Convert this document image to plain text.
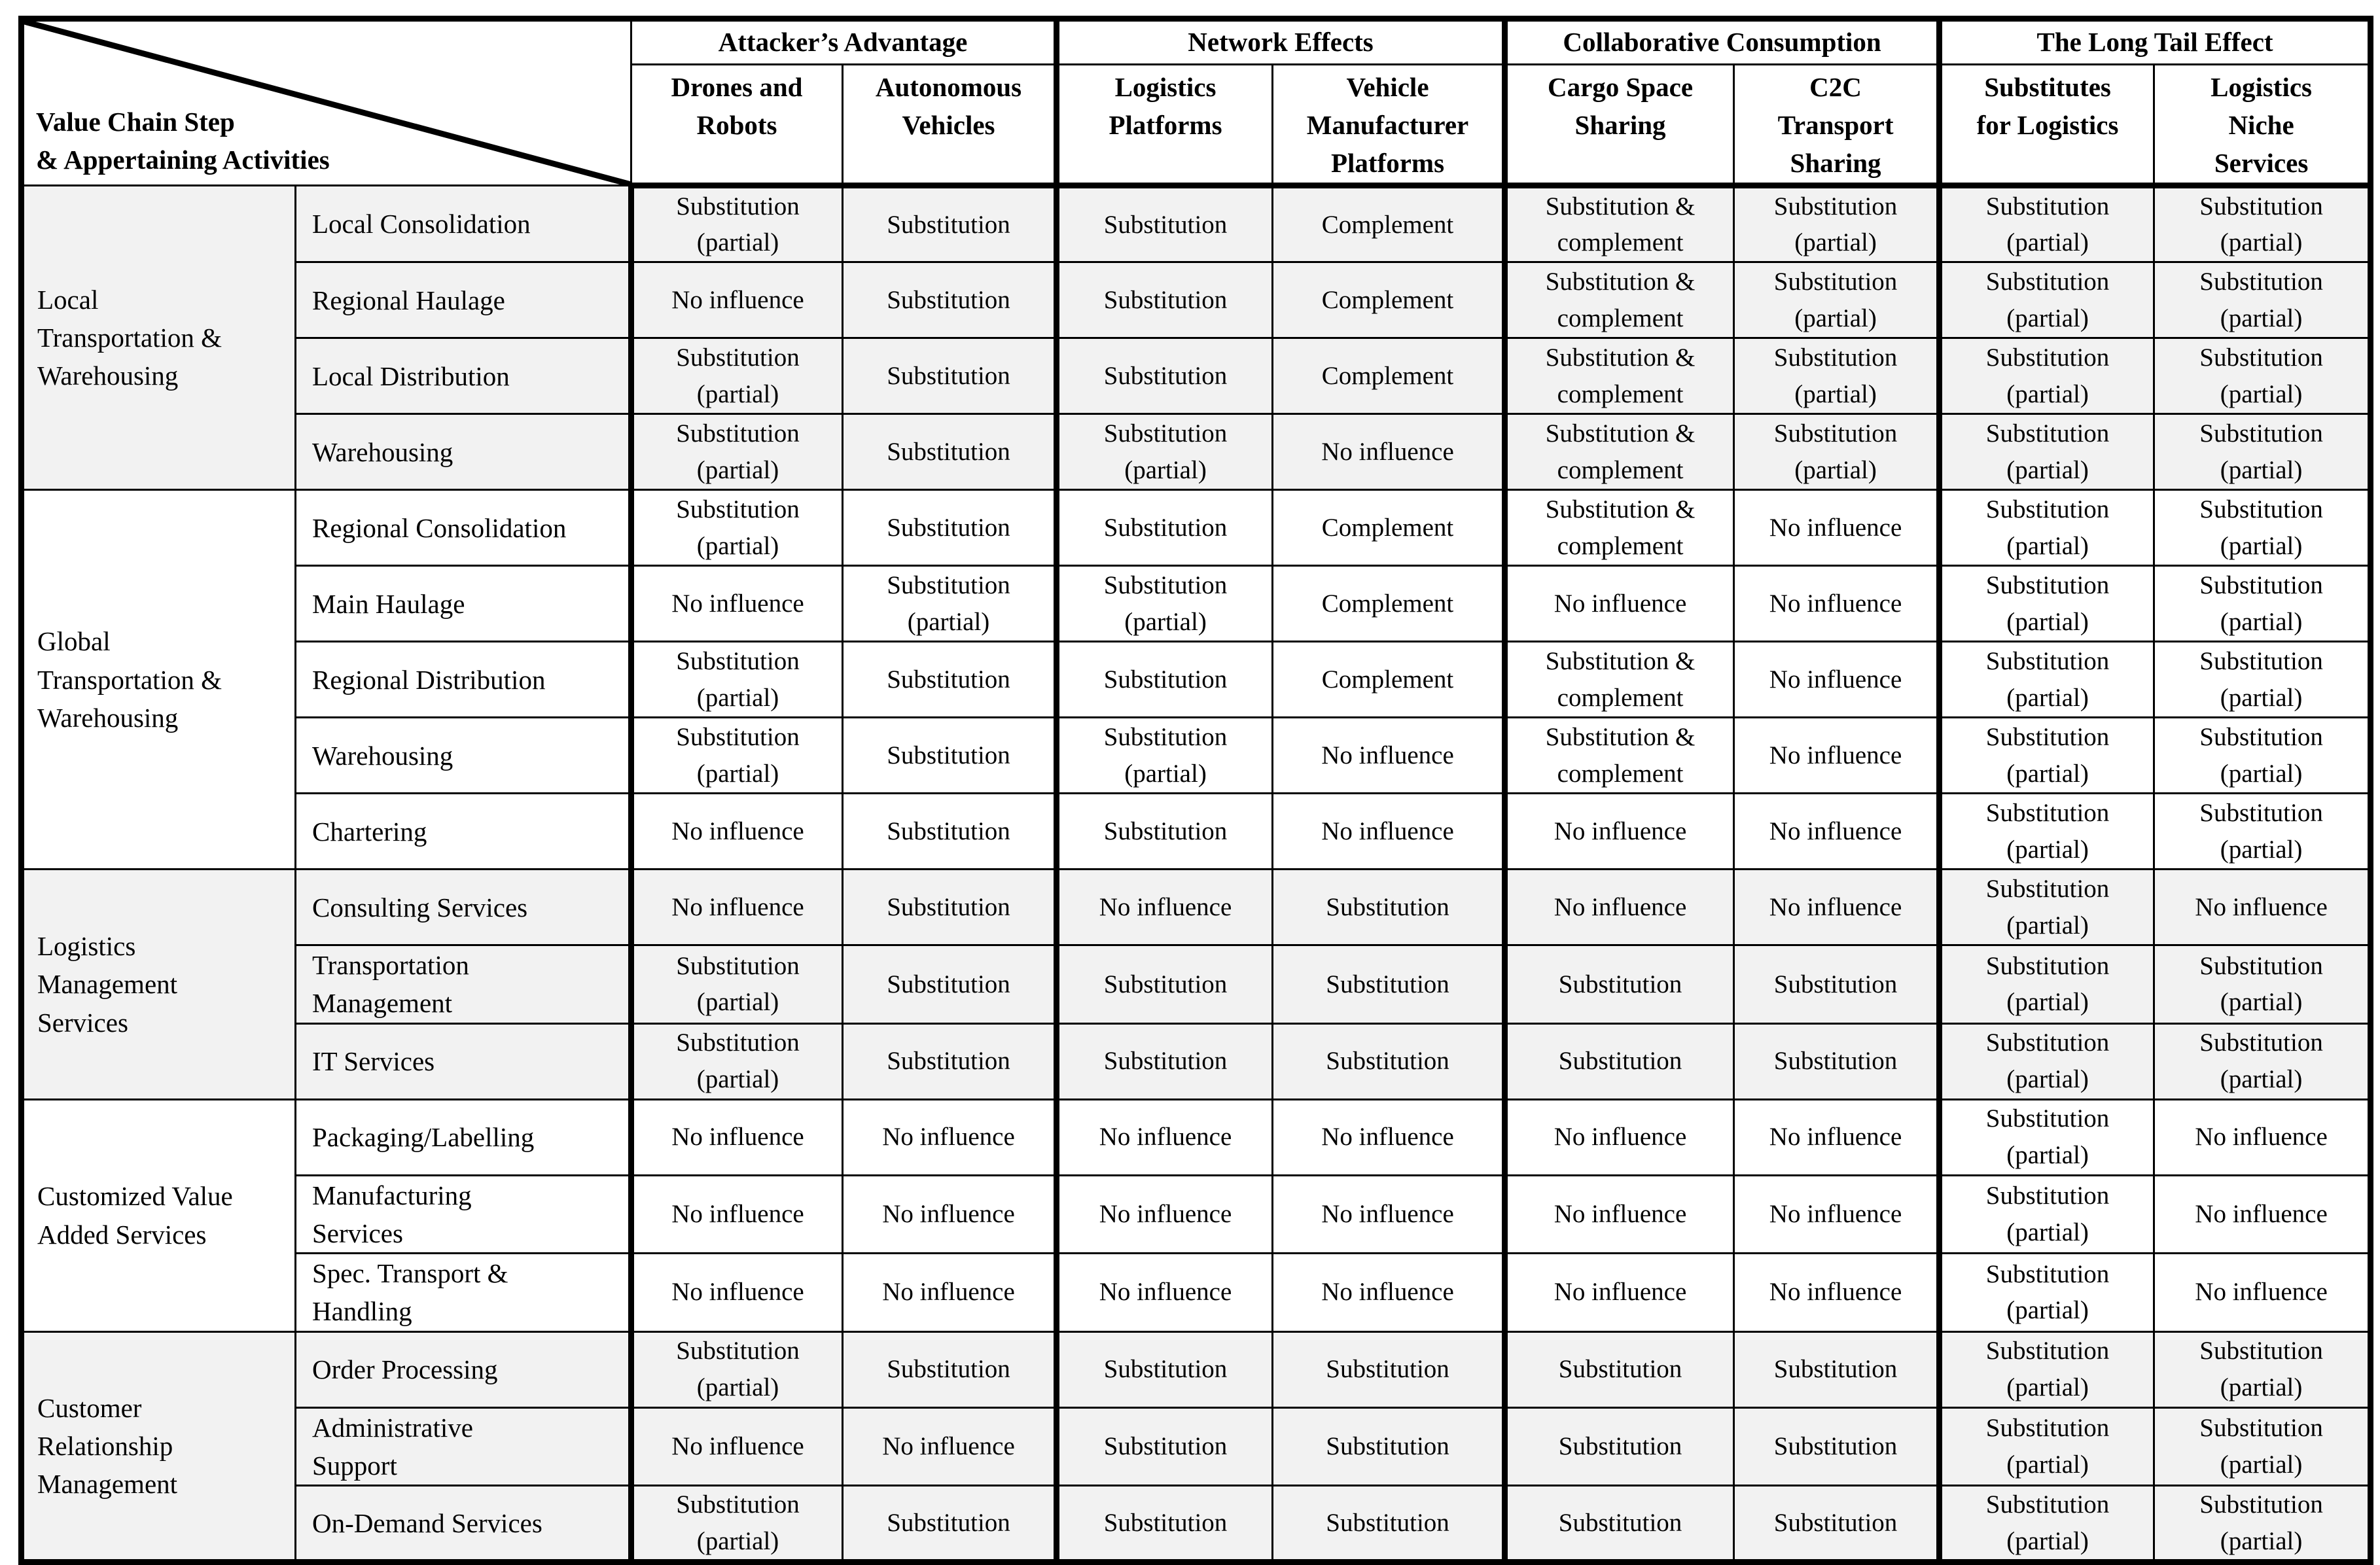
Value Chain Step
& Appertaining Activities		Attacker’s Advantage		Network Effects		Collaborative Consumption		The Long Tail Effect	
		Drones and
Robots	Autonomous
Vehicles	Logistics
Platforms	Vehicle
Manufacturer
Platforms	Cargo Space
Sharing	C2C
Transport
Sharing	Substitutes
for Logistics	Logistics
Niche
Services
Local
Transportation &
Warehousing	Local Consolidation	Substitution
(partial)	Substitution	Substitution	Complement	Substitution &
complement	Substitution
(partial)	Substitution
(partial)	Substitution
(partial)
	Regional Haulage	No influence	Substitution	Substitution	Complement	Substitution &
complement	Substitution
(partial)	Substitution
(partial)	Substitution
(partial)
	Local Distribution	Substitution
(partial)	Substitution	Substitution	Complement	Substitution &
complement	Substitution
(partial)	Substitution
(partial)	Substitution
(partial)
	Warehousing	Substitution
(partial)	Substitution	Substitution
(partial)	No influence	Substitution &
complement	Substitution
(partial)	Substitution
(partial)	Substitution
(partial)
Global
Transportation &
Warehousing	Regional Consolidation	Substitution
(partial)	Substitution	Substitution	Complement	Substitution &
complement	No influence	Substitution
(partial)	Substitution
(partial)
	Main Haulage	No influence	Substitution
(partial)	Substitution
(partial)	Complement	No influence	No influence	Substitution
(partial)	Substitution
(partial)
	Regional Distribution	Substitution
(partial)	Substitution	Substitution	Complement	Substitution &
complement	No influence	Substitution
(partial)	Substitution
(partial)
	Warehousing	Substitution
(partial)	Substitution	Substitution
(partial)	No influence	Substitution &
complement	No influence	Substitution
(partial)	Substitution
(partial)
	Chartering	No influence	Substitution	Substitution	No influence	No influence	No influence	Substitution
(partial)	Substitution
(partial)
Logistics
Management
Services	Consulting Services	No influence	Substitution	No influence	Substitution	No influence	No influence	Substitution
(partial)	No influence
	Transportation
Management	Substitution
(partial)	Substitution	Substitution	Substitution	Substitution	Substitution	Substitution
(partial)	Substitution
(partial)
	IT Services	Substitution
(partial)	Substitution	Substitution	Substitution	Substitution	Substitution	Substitution
(partial)	Substitution
(partial)
Customized Value
Added Services	Packaging/Labelling	No influence	No influence	No influence	No influence	No influence	No influence	Substitution
(partial)	No influence
	Manufacturing
Services	No influence	No influence	No influence	No influence	No influence	No influence	Substitution
(partial)	No influence
	Spec. Transport &
Handling	No influence	No influence	No influence	No influence	No influence	No influence	Substitution
(partial)	No influence
Customer
Relationship
Management	Order Processing	Substitution
(partial)	Substitution	Substitution	Substitution	Substitution	Substitution	Substitution
(partial)	Substitution
(partial)
	Administrative
Support	No influence	No influence	Substitution	Substitution	Substitution	Substitution	Substitution
(partial)	Substitution
(partial)
	On-Demand Services	Substitution
(partial)	Substitution	Substitution	Substitution	Substitution	Substitution	Substitution
(partial)	Substitution
(partial)
